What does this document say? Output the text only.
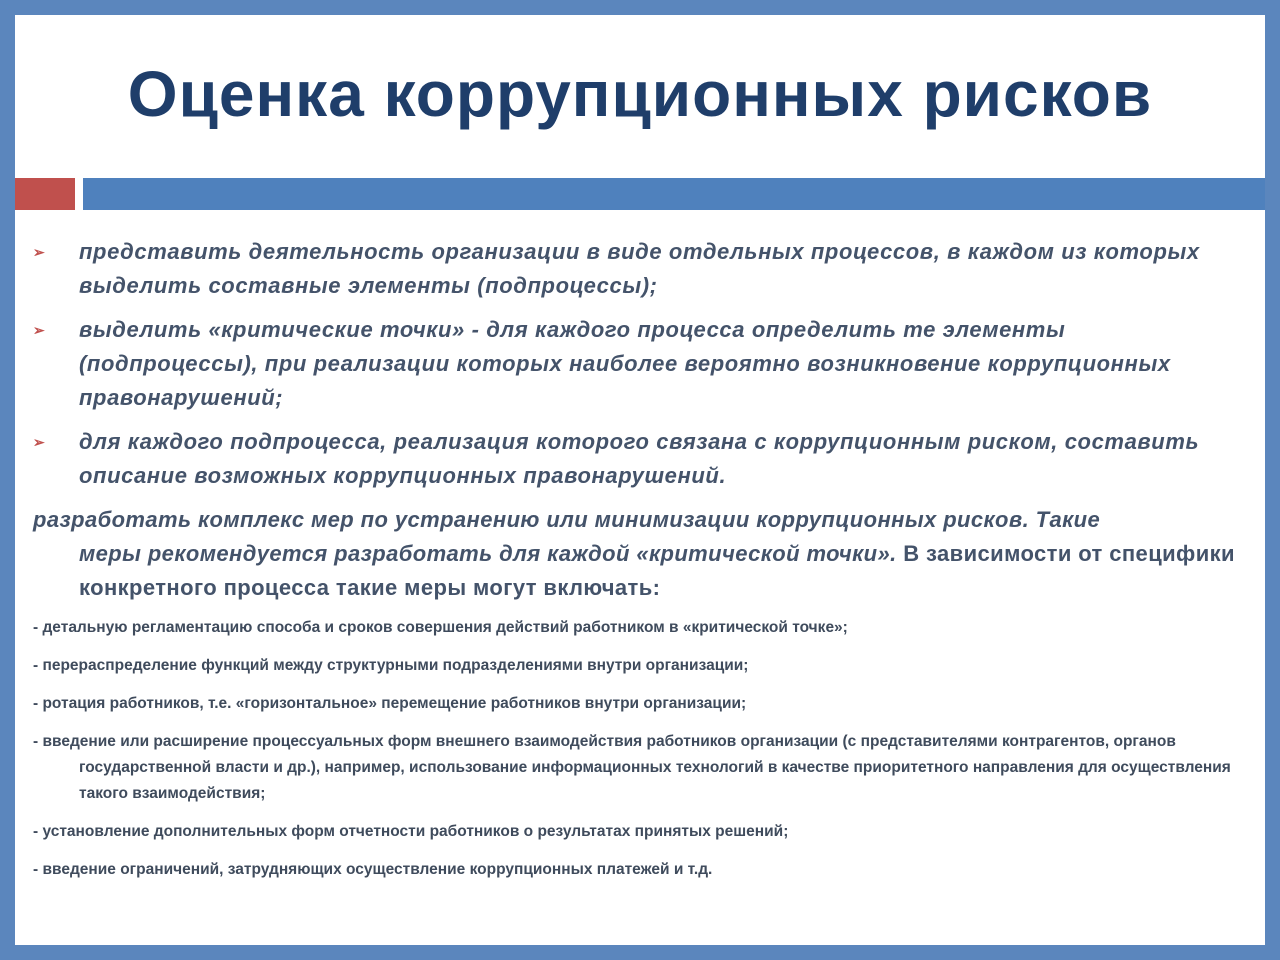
Оценка коррупционных рисков
➢ представить деятельность организации в виде отдельных процессов, в каждом из которых выделить составные элементы (подпроцессы);
➢ выделить «критические точки» - для каждого процесса определить те элементы (подпроцессы), при реализации которых наиболее вероятно возникновение коррупционных правонарушений;
➢ для каждого подпроцесса, реализация которого связана с коррупционным риском, составить описание возможных коррупционных правонарушений.
разработать комплекс мер по устранению или минимизации коррупционных рисков. Такие
меры рекомендуется разработать для каждой «критической точки». В зависимости от специфики конкретного процесса такие меры могут включать:
- детальную регламентацию способа и сроков совершения действий работником в «критической точке»;
- перераспределение функций между структурными подразделениями внутри организации;
- ротация работников, т.е. «горизонтальное» перемещение работников внутри организации;
- введение или расширение процессуальных форм внешнего взаимодействия работников организации (с представителями контрагентов, органов государственной власти и др.), например, использование информационных технологий в качестве приоритетного направления для осуществления такого взаимодействия;
- установление дополнительных форм отчетности работников о результатах принятых решений;
- введение ограничений, затрудняющих осуществление коррупционных платежей и т.д.
